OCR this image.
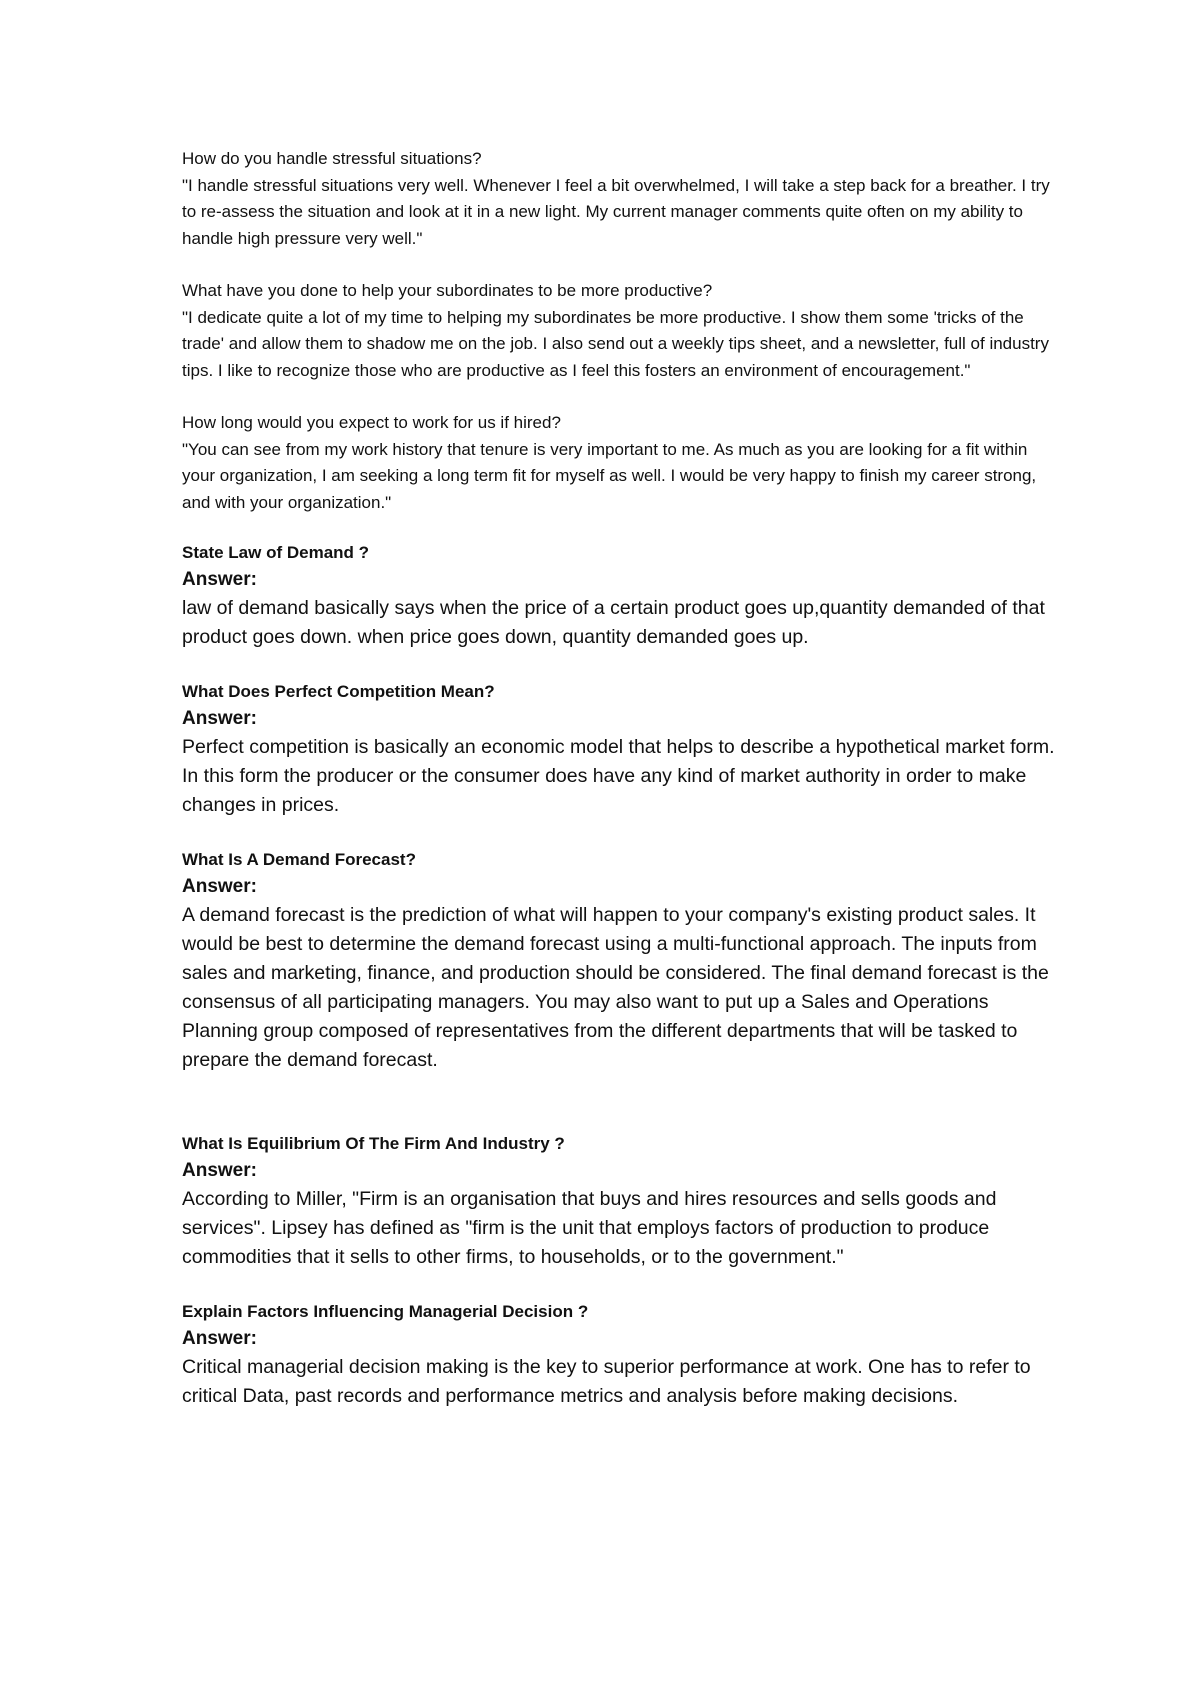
How do you handle stressful situations?

"I handle stressful situations very well. Whenever I feel a bit overwhelmed, I will take a step back for a breather. I try to re-assess the situation and look at it in a new light. My current manager comments quite often on my ability to handle high pressure very well."

What have you done to help your subordinates to be more productive?

"I dedicate quite a lot of my time to helping my subordinates be more productive. I show them some 'tricks of the trade' and allow them to shadow me on the job. I also send out a weekly tips sheet, and a newsletter, full of industry tips. I like to recognize those who are productive as I feel this fosters an environment of encouragement."

How long would you expect to work for us if hired?

"You can see from my work history that tenure is very important to me. As much as you are looking for a fit within your organization, I am seeking a long term fit for myself as well. I would be very happy to finish my career strong, and with your organization."

State Law of Demand ?

Answer:

law of demand basically says when the price of a certain product goes up,quantity demanded of that product goes down. when price goes down, quantity demanded goes up.

What Does Perfect Competition Mean?

Answer:

Perfect competition is basically an economic model that helps to describe a hypothetical market form. In this form the producer or the consumer does have any kind of market authority in order to make changes in prices.

What Is A Demand Forecast?

Answer:

A demand forecast is the prediction of what will happen to your company's existing product sales. It would be best to determine the demand forecast using a multi-functional approach. The inputs from sales and marketing, finance, and production should be considered. The final demand forecast is the consensus of all participating managers. You may also want to put up a Sales and Operations Planning group composed of representatives from the different departments that will be tasked to prepare the demand forecast.

What Is Equilibrium Of The Firm And Industry ?

Answer:

According to Miller, "Firm is an organisation that buys and hires resources and sells goods and services". Lipsey has defined as "firm is the unit that employs factors of production to produce commodities that it sells to other firms, to households, or to the government."

Explain Factors Influencing Managerial Decision ?

Answer:

Critical managerial decision making is the key to superior performance at work. One has to refer to critical Data, past records and performance metrics and analysis before making decisions.
